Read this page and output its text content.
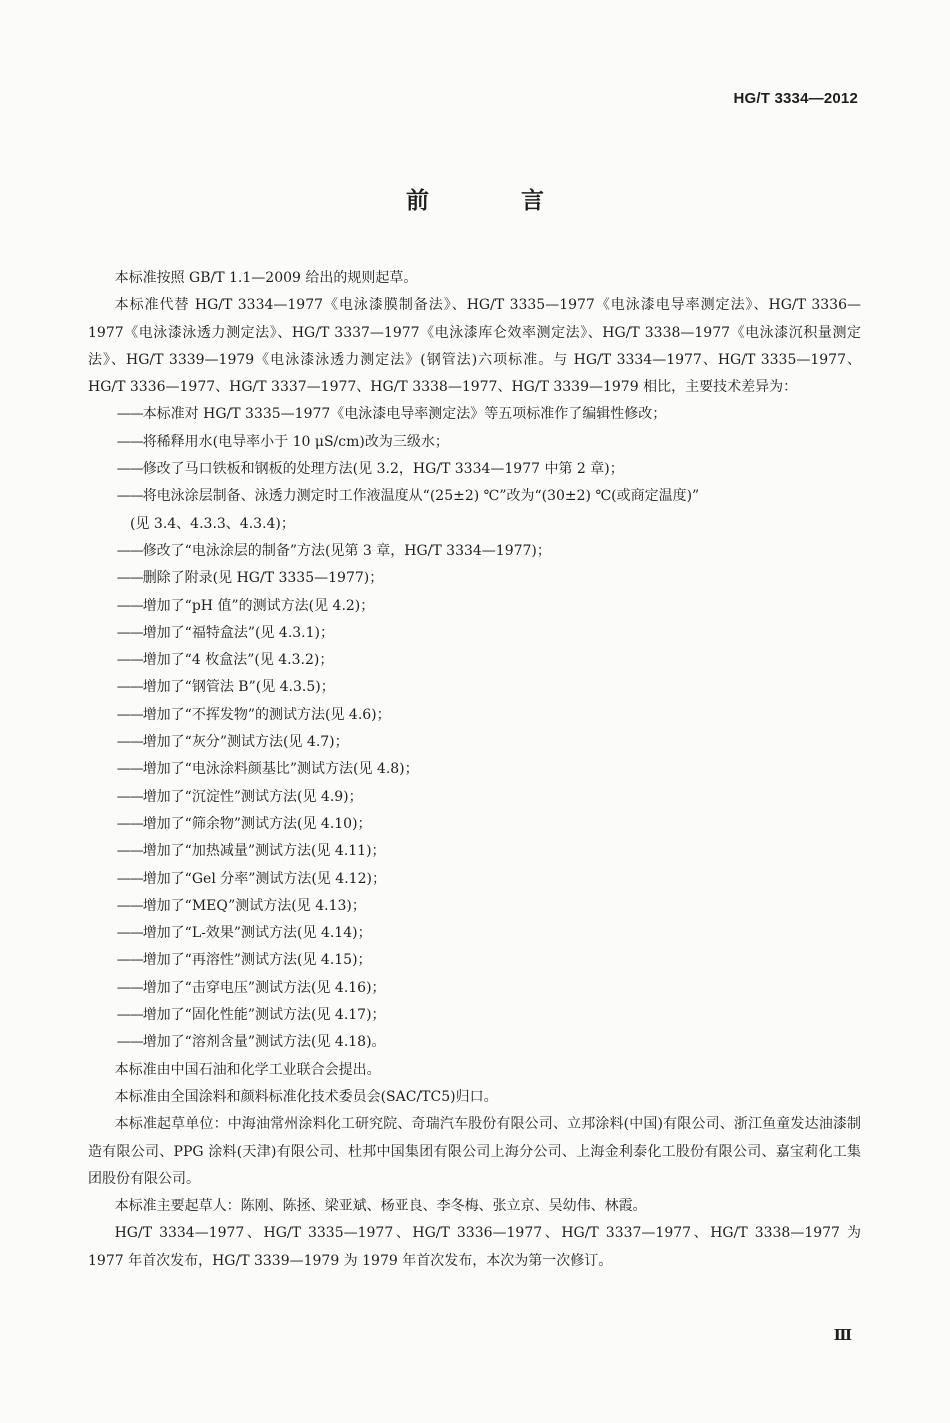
HG/T 3334—2012
前 言

本标准按照 GB/T 1.1—2009 给出的规则起草。

本标准代替 HG/T 3334—1977《电泳漆膜制备法》、HG/T 3335—1977《电泳漆电导率测定法》、HG/T 3336—1977《电泳漆泳透力测定法》、HG/T 3337—1977《电泳漆库仑效率测定法》、HG/T 3338—1977《电泳漆沉积量测定法》、HG/T 3339—1979《电泳漆泳透力测定法》(钢管法)六项标准。与 HG/T 3334—1977、HG/T 3335—1977、HG/T 3336—1977、HG/T 3337—1977、HG/T 3338—1977、HG/T 3339—1979 相比，主要技术差异为：

——本标准对 HG/T 3335—1977《电泳漆电导率测定法》等五项标准作了编辑性修改；

——将稀释用水(电导率小于 10 μS/cm)改为三级水；

——修改了马口铁板和钢板的处理方法(见 3.2，HG/T 3334—1977 中第 2 章)；

——将电泳涂层制备、泳透力测定时工作液温度从“(25±2) ℃”改为“(30±2) ℃(或商定温度)”

(见 3.4、4.3.3、4.3.4)；

——修改了“电泳涂层的制备”方法(见第 3 章，HG/T 3334—1977)；

——删除了附录(见 HG/T 3335—1977)；

——增加了“pH 值”的测试方法(见 4.2)；

——增加了“福特盒法”(见 4.3.1)；

——增加了“4 枚盒法”(见 4.3.2)；

——增加了“钢管法 B”(见 4.3.5)；

——增加了“不挥发物”的测试方法(见 4.6)；

——增加了“灰分”测试方法(见 4.7)；

——增加了“电泳涂料颜基比”测试方法(见 4.8)；

——增加了“沉淀性”测试方法(见 4.9)；

——增加了“筛余物”测试方法(见 4.10)；

——增加了“加热减量”测试方法(见 4.11)；

——增加了“Gel 分率”测试方法(见 4.12)；

——增加了“MEQ”测试方法(见 4.13)；

——增加了“L-效果”测试方法(见 4.14)；

——增加了“再溶性”测试方法(见 4.15)；

——增加了“击穿电压”测试方法(见 4.16)；

——增加了“固化性能”测试方法(见 4.17)；

——增加了“溶剂含量”测试方法(见 4.18)。

本标准由中国石油和化学工业联合会提出。

本标准由全国涂料和颜料标准化技术委员会(SAC/TC5)归口。

本标准起草单位：中海油常州涂料化工研究院、奇瑞汽车股份有限公司、立邦涂料(中国)有限公司、浙江鱼童发达油漆制造有限公司、PPG 涂料(天津)有限公司、杜邦中国集团有限公司上海分公司、上海金利泰化工股份有限公司、嘉宝莉化工集团股份有限公司。

本标准主要起草人：陈刚、陈拯、梁亚斌、杨亚良、李冬梅、张立京、吴幼伟、林霞。

HG/T 3334—1977、HG/T 3335—1977、HG/T 3336—1977、HG/T 3337—1977、HG/T 3338—1977 为 1977 年首次发布，HG/T 3339—1979 为 1979 年首次发布，本次为第一次修订。

Ⅲ
